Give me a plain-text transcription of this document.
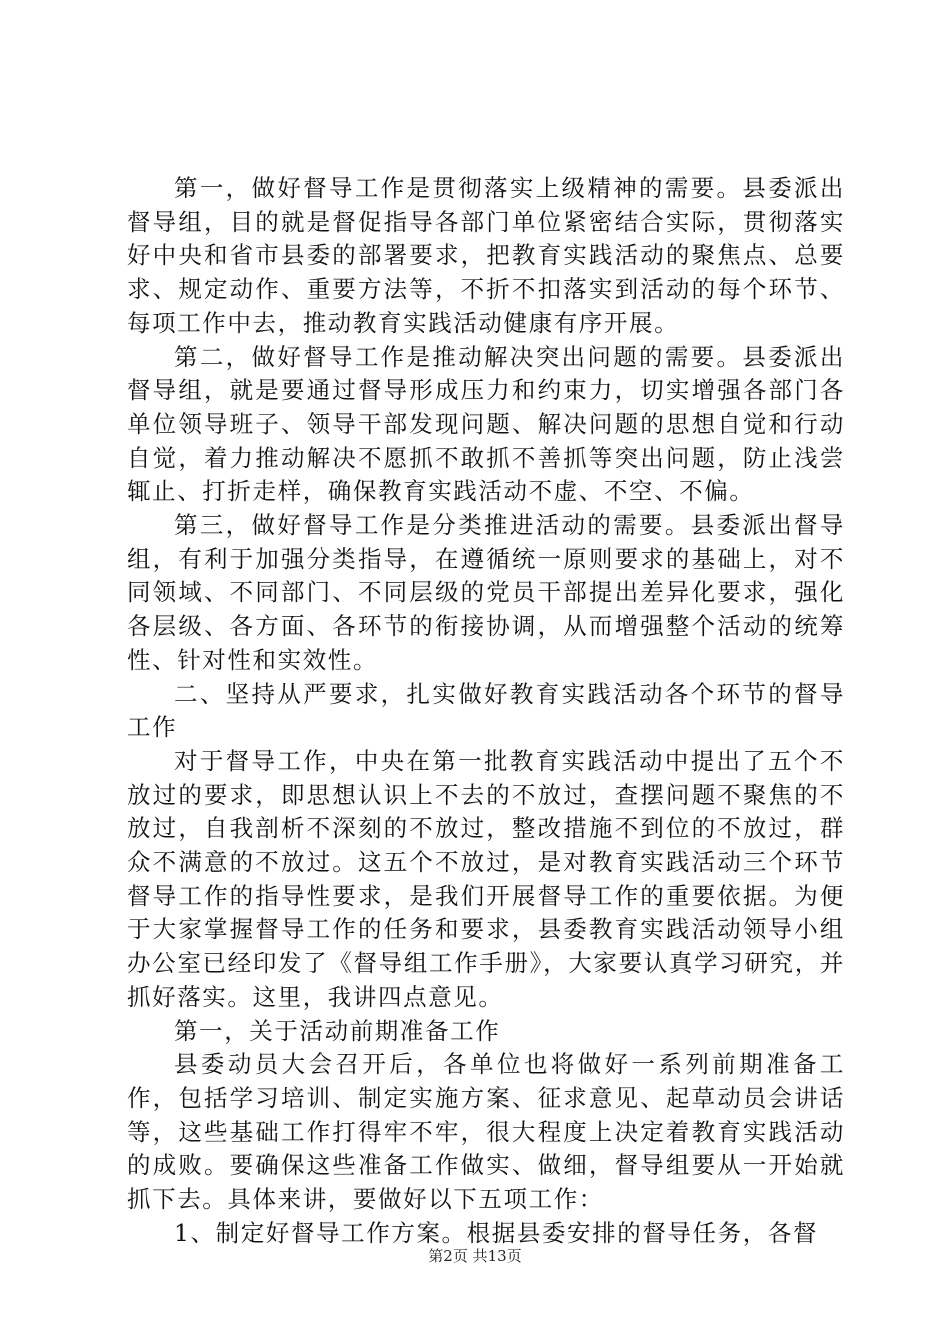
第一，做好督导工作是贯彻落实上级精神的需要。县委派出督导组，目的就是督促指导各部门单位紧密结合实际，贯彻落实好中央和省市县委的部署要求，把教育实践活动的聚焦点、总要求、规定动作、重要方法等，不折不扣落实到活动的每个环节、每项工作中去，推动教育实践活动健康有序开展。

第二，做好督导工作是推动解决突出问题的需要。县委派出督导组，就是要通过督导形成压力和约束力，切实增强各部门各单位领导班子、领导干部发现问题、解决问题的思想自觉和行动自觉，着力推动解决不愿抓不敢抓不善抓等突出问题，防止浅尝辄止、打折走样，确保教育实践活动不虚、不空、不偏。

第三，做好督导工作是分类推进活动的需要。县委派出督导组，有利于加强分类指导，在遵循统一原则要求的基础上，对不同领域、不同部门、不同层级的党员干部提出差异化要求，强化各层级、各方面、各环节的衔接协调，从而增强整个活动的统筹性、针对性和实效性。

二、坚持从严要求，扎实做好教育实践活动各个环节的督导工作

对于督导工作，中央在第一批教育实践活动中提出了五个不放过的要求，即思想认识上不去的不放过，查摆问题不聚焦的不放过，自我剖析不深刻的不放过，整改措施不到位的不放过，群众不满意的不放过。这五个不放过，是对教育实践活动三个环节督导工作的指导性要求，是我们开展督导工作的重要依据。为便于大家掌握督导工作的任务和要求，县委教育实践活动领导小组办公室已经印发了《督导组工作手册》，大家要认真学习研究，并抓好落实。这里，我讲四点意见。

第一，关于活动前期准备工作

县委动员大会召开后，各单位也将做好一系列前期准备工作，包括学习培训、制定实施方案、征求意见、起草动员会讲话等，这些基础工作打得牢不牢，很大程度上决定着教育实践活动的成败。要确保这些准备工作做实、做细，督导组要从一开始就抓下去。具体来讲，要做好以下五项工作：

1、制定好督导工作方案。根据县委安排的督导任务，各督

第2页 共13页
